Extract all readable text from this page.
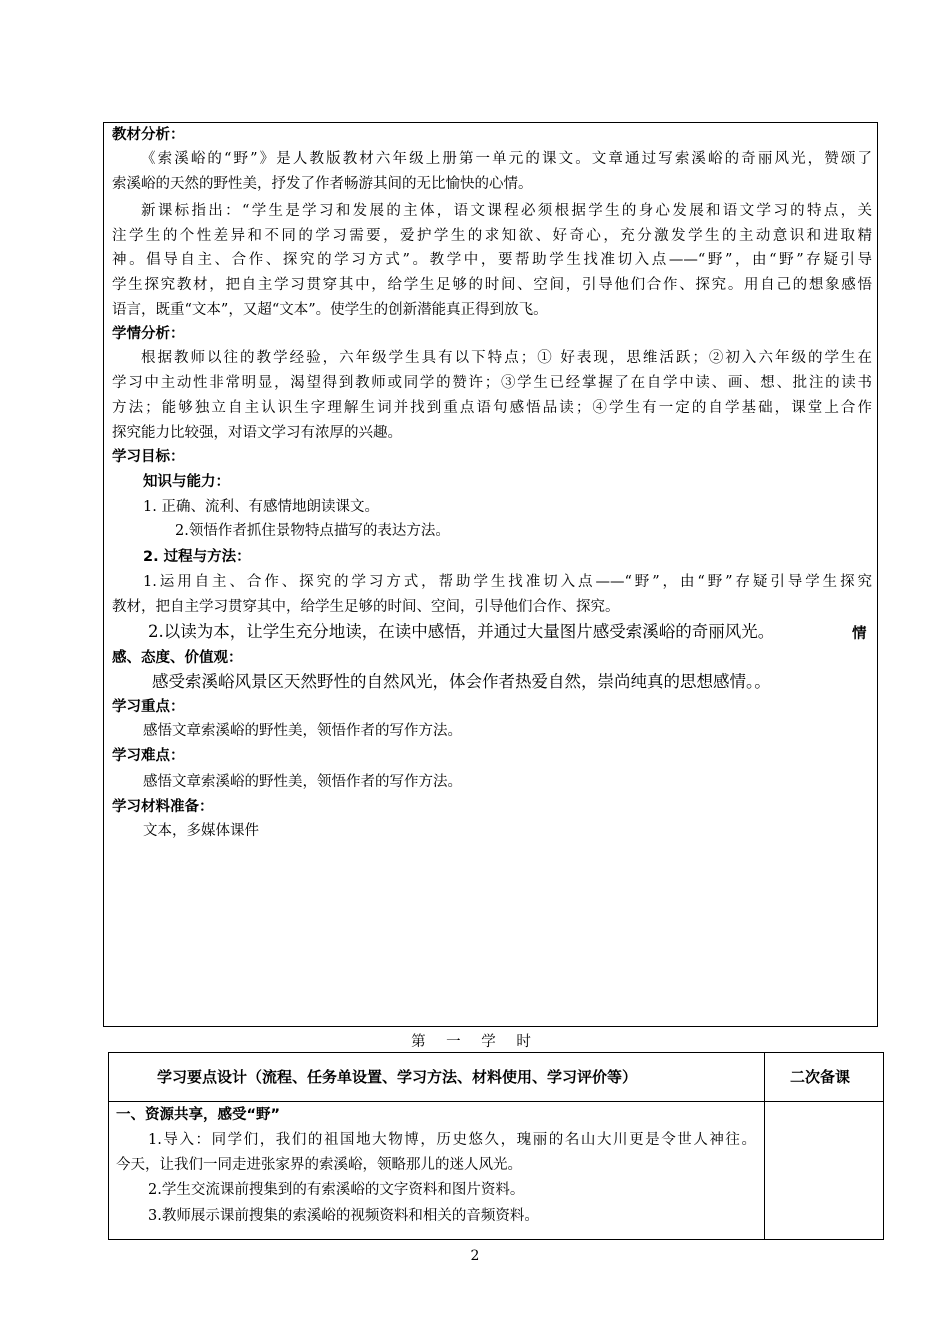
教材分析：
《索溪峪的“野”》是人教版教材六年级上册第一单元的课文。文章通过写索溪峪的奇丽风光，赞颂了
索溪峪的天然的野性美，抒发了作者畅游其间的无比愉快的心情。
新课标指出：“学生是学习和发展的主体，语文课程必须根据学生的身心发展和语文学习的特点，关
注学生的个性差异和不同的学习需要，爱护学生的求知欲、好奇心，充分激发学生的主动意识和进取精
神。倡导自主、合作、探究的学习方式”。教学中，要帮助学生找准切入点——“野”，由“野”存疑引导
学生探究教材，把自主学习贯穿其中，给学生足够的时间、空间，引导他们合作、探究。用自己的想象感悟
语言，既重“文本”，又超“文本”。使学生的创新潜能真正得到放飞。
学情分析：
根据教师以往的教学经验，六年级学生具有以下特点；① 好表现，思维活跃；②初入六年级的学生在
学习中主动性非常明显，渴望得到教师或同学的赞许；③学生已经掌握了在自学中读、画、想、批注的读书
方法；能够独立自主认识生字理解生词并找到重点语句感悟品读；④学生有一定的自学基础，课堂上合作
探究能力比较强，对语文学习有浓厚的兴趣。
学习目标：
知识与能力：
1. 正确、流利、有感情地朗读课文。
2.领悟作者抓住景物特点描写的表达方法。
2. 过程与方法：
1.运用自主、合作、探究的学习方式，帮助学生找准切入点——“野”，由“野”存疑引导学生探究
教材，把自主学习贯穿其中，给学生足够的时间、空间，引导他们合作、探究。
2.以读为本，让学生充分地读，在读中感悟，并通过大量图片感受索溪峪的奇丽风光。	情
感、态度、价值观：
感受索溪峪风景区天然野性的自然风光，体会作者热爱自然，崇尚纯真的思想感情。。
学习重点：
感悟文章索溪峪的野性美，领悟作者的写作方法。
学习难点：
感悟文章索溪峪的野性美，领悟作者的写作方法。
学习材料准备：
文本，多媒体课件
第 一 学 时
学习要点设计（流程、任务单设置、学习方法、材料使用、学习评价等）	二次备课
一、资源共享，感受“野”
1.导入：同学们，我们的祖国地大物博，历史悠久，瑰丽的名山大川更是令世人神往。
今天，让我们一同走进张家界的索溪峪，领略那儿的迷人风光。
2.学生交流课前搜集到的有索溪峪的文字资料和图片资料。
3.教师展示课前搜集的索溪峪的视频资料和相关的音频资料。
2
